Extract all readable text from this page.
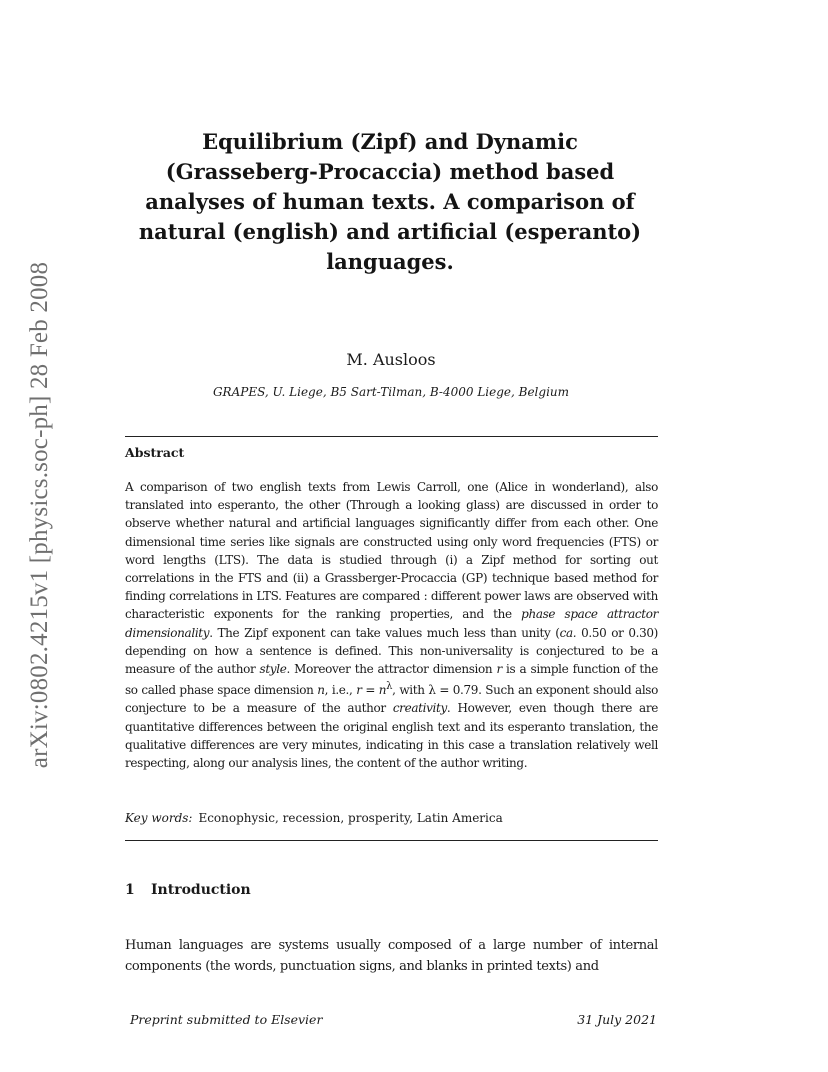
arXiv:0802.4215v1 [physics.soc-ph] 28 Feb 2008
Equilibrium (Zipf) and Dynamic (Grasseberg-Procaccia) method based analyses of human texts. A comparison of natural (english) and artificial (esperanto) languages.
M. Ausloos
GRAPES, U. Liege, B5 Sart-Tilman, B-4000 Liege, Belgium
Abstract

A comparison of two english texts from Lewis Carroll, one (Alice in wonderland), also translated into esperanto, the other (Through a looking glass) are discussed in order to observe whether natural and artificial languages significantly differ from each other. One dimensional time series like signals are constructed using only word frequencies (FTS) or word lengths (LTS). The data is studied through (i) a Zipf method for sorting out correlations in the FTS and (ii) a Grassberger-Procaccia (GP) technique based method for finding correlations in LTS. Features are compared : different power laws are observed with characteristic exponents for the ranking properties, and the phase space attractor dimensionality. The Zipf exponent can take values much less than unity (ca. 0.50 or 0.30) depending on how a sentence is defined. This non-universality is conjectured to be a measure of the author style. Moreover the attractor dimension r is a simple function of the so called phase space dimension n, i.e., $r = n^\lambda$, with λ = 0.79. Such an exponent should also conjecture to be a measure of the author creativity. However, even though there are quantitative differences between the original english text and its esperanto translation, the qualitative differences are very minutes, indicating in this case a translation relatively well respecting, along our analysis lines, the content of the author writing.

Key words: Econophysic, recession, prosperity, Latin America
1 Introduction
Human languages are systems usually composed of a large number of internal components (the words, punctuation signs, and blanks in printed texts) and
Preprint submitted to Elsevier	31 July 2021
